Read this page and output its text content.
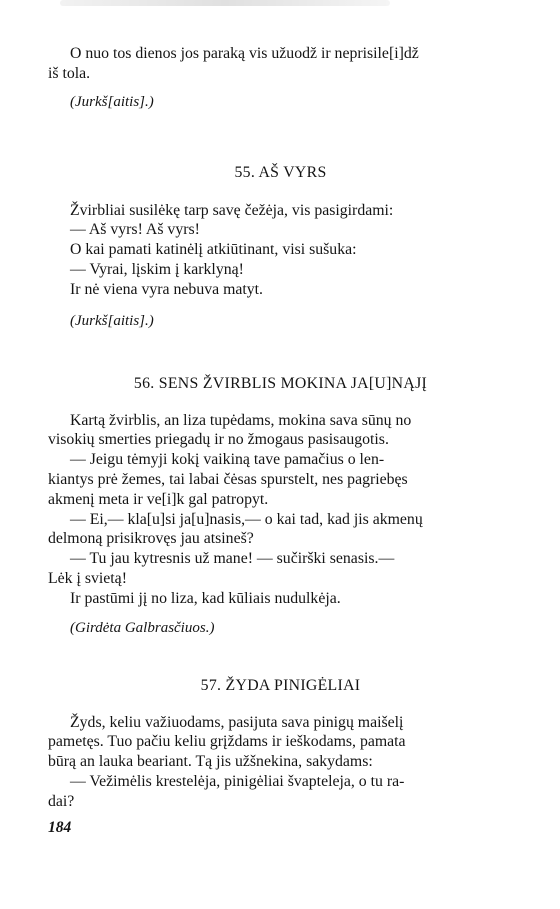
O nuo tos dienos jos paraką vis užuodž ir neprisile[i]dž
iš tola.

(Jurkš[aitis].)

55. AŠ VYRS

Žvirbliai susilėkę tarp savę čežėja, vis pasigirdami:
— Aš vyrs! Aš vyrs!
O kai pamati katinėlį atkiūtinant, visi sušuka:
— Vyrai, lįskim į karklyną!
Ir nė viena vyra nebuva matyt.

(Jurkš[aitis].)

56. SENS ŽVIRBLIS MOKINA JA[U]NĄJĮ

Kartą žvirblis, an liza tupėdams, mokina sava sūnų no
visokių smerties priegadų ir no žmogaus pasisaugotis.
— Jeigu tėmyji kokį vaikiną tave pamačius o len-
kiantys prė žemes, tai labai čėsas spurstelt, nes pagriebęs
akmenį meta ir ve[i]k gal patropyt.
— Ei,— kla[u]si ja[u]nasis,— o kai tad, kad jis akmenų
delmoną prisikrovęs jau atsineš?
— Tu jau kytresnis už mane! — sučirški senasis.—
Lėk į svietą!
Ir pastūmi jį no liza, kad kūliais nudulkėja.

(Girdėta Galbrasčiuos.)

57. ŽYDA PINIGĖLIAI

Žyds, keliu važiuodams, pasijuta sava pinigų maišelį
pametęs. Tuo pačiu keliu grįždams ir ieškodams, pamata
būrą an lauka beariant. Tą jis užšnekina, sakydams:
— Vežimėlis krestelėja, pinigėliai švapteleja, o tu ra-
dai?

184
